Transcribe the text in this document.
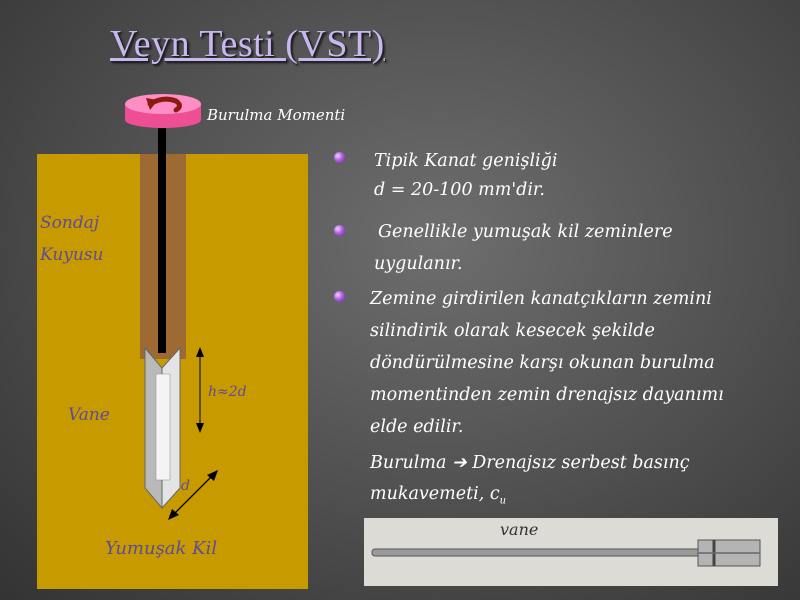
Veyn Testi (VST)
Burulma Momenti
Sondaj
Kuyusu
Vane
h≈2d
d
Yumuşak Kil
Tipik Kanat genişliği
d = 20-100 mm'dir.
Genellikle yumuşak kil zeminlere
uygulanır.
Zemine girdirilen kanatçıkların zemini
silindirik olarak kesecek şekilde
döndürülmesine karşı okunan burulma
momentinden zemin drenajsız dayanımı
elde edilir.
Burulma ➔ Drenajsız serbest basınç
mukavemeti, $c_u$
vane
